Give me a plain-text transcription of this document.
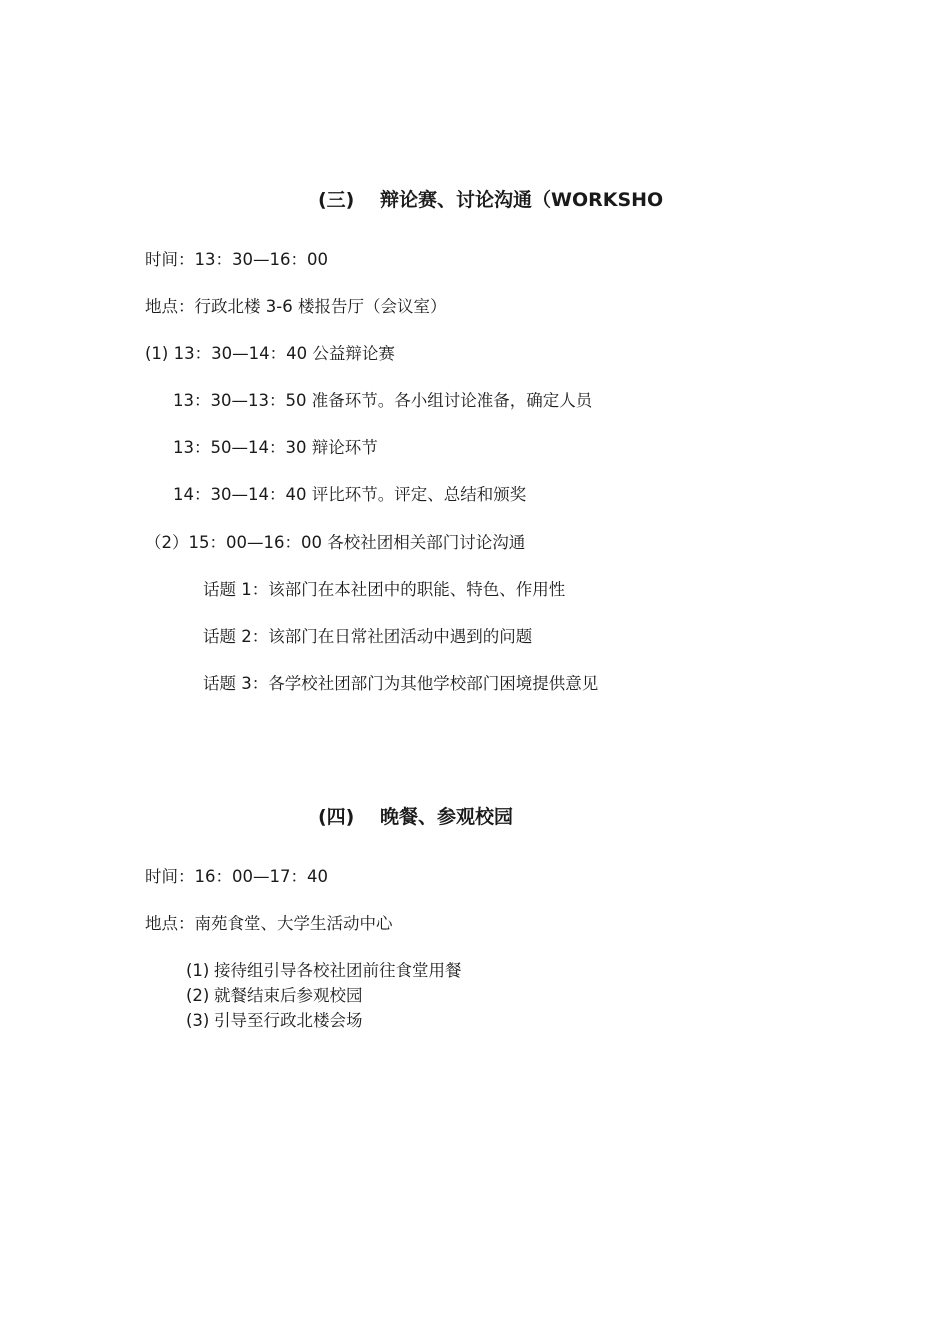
(三) 辩论赛、讨论沟通（WORKSHO
时间：13：30—16：00
地点：行政北楼 3-6 楼报告厅（会议室）
(1) 13：30—14：40 公益辩论赛
13：30—13：50 准备环节。各小组讨论准备，确定人员
13：50—14：30 辩论环节
14：30—14：40 评比环节。评定、总结和颁奖
（2）15：00—16：00 各校社团相关部门讨论沟通
话题 1：该部门在本社团中的职能、特色、作用性
话题 2：该部门在日常社团活动中遇到的问题
话题 3：各学校社团部门为其他学校部门困境提供意见
(四) 晚餐、参观校园
时间：16：00—17：40
地点：南苑食堂、大学生活动中心
(1) 接待组引导各校社团前往食堂用餐
(2) 就餐结束后参观校园
(3) 引导至行政北楼会场
